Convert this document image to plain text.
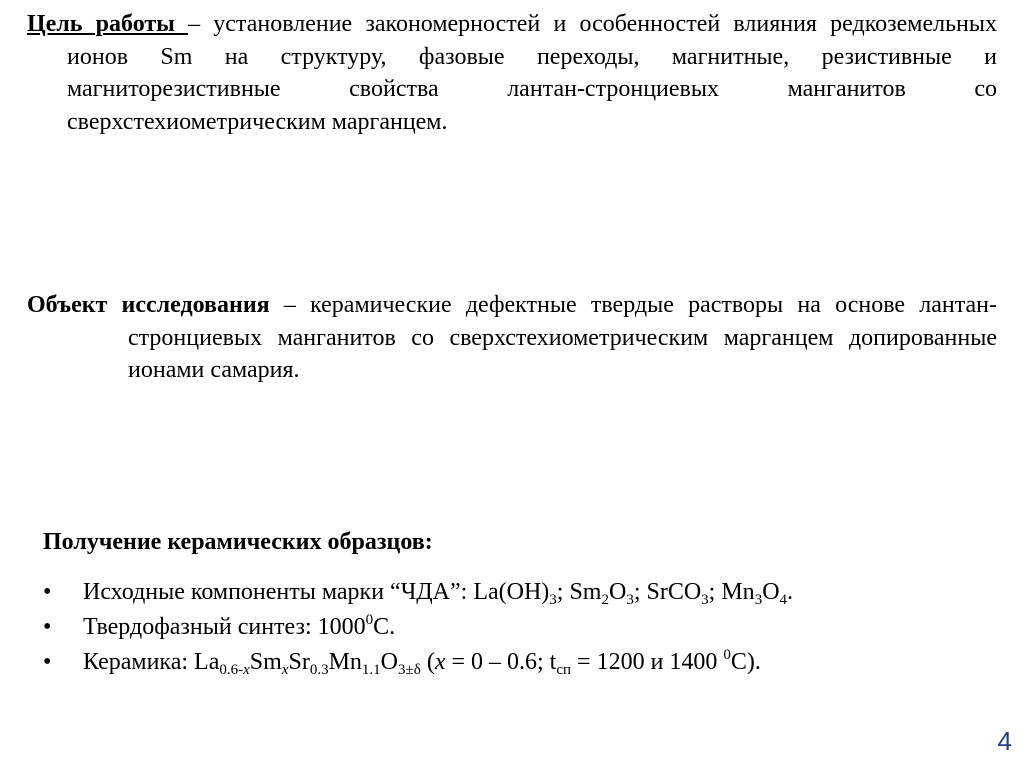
Цель работы – установление закономерностей и особенностей влияния редкоземельных ионов Sm на структуру, фазовые переходы, магнитные, резистивные и магниторезистивные свойства лантан-стронциевых манганитов со сверхстехиометрическим марганцем.
Объект исследования – керамические дефектные твердые растворы на основе лантан-стронциевых манганитов со сверхстехиометрическим марганцем допированные ионами самария.
Получение керамических образцов:
• Исходные компоненты марки “ЧДА”: $La(OH)_3$; $Sm_2O_3$; SrCO$_3$; $Mn_3O_4$.
• Твердофазный синтез: 1000$^0$С.
• Керамика: $La_{0.6-x}Sm_xSr_{0.3}Mn_{1.1}O_{3\pm\delta}$ (x = 0 – 0.6; $t_{сп} = 1200$ и 1400 $^0$C).
4
